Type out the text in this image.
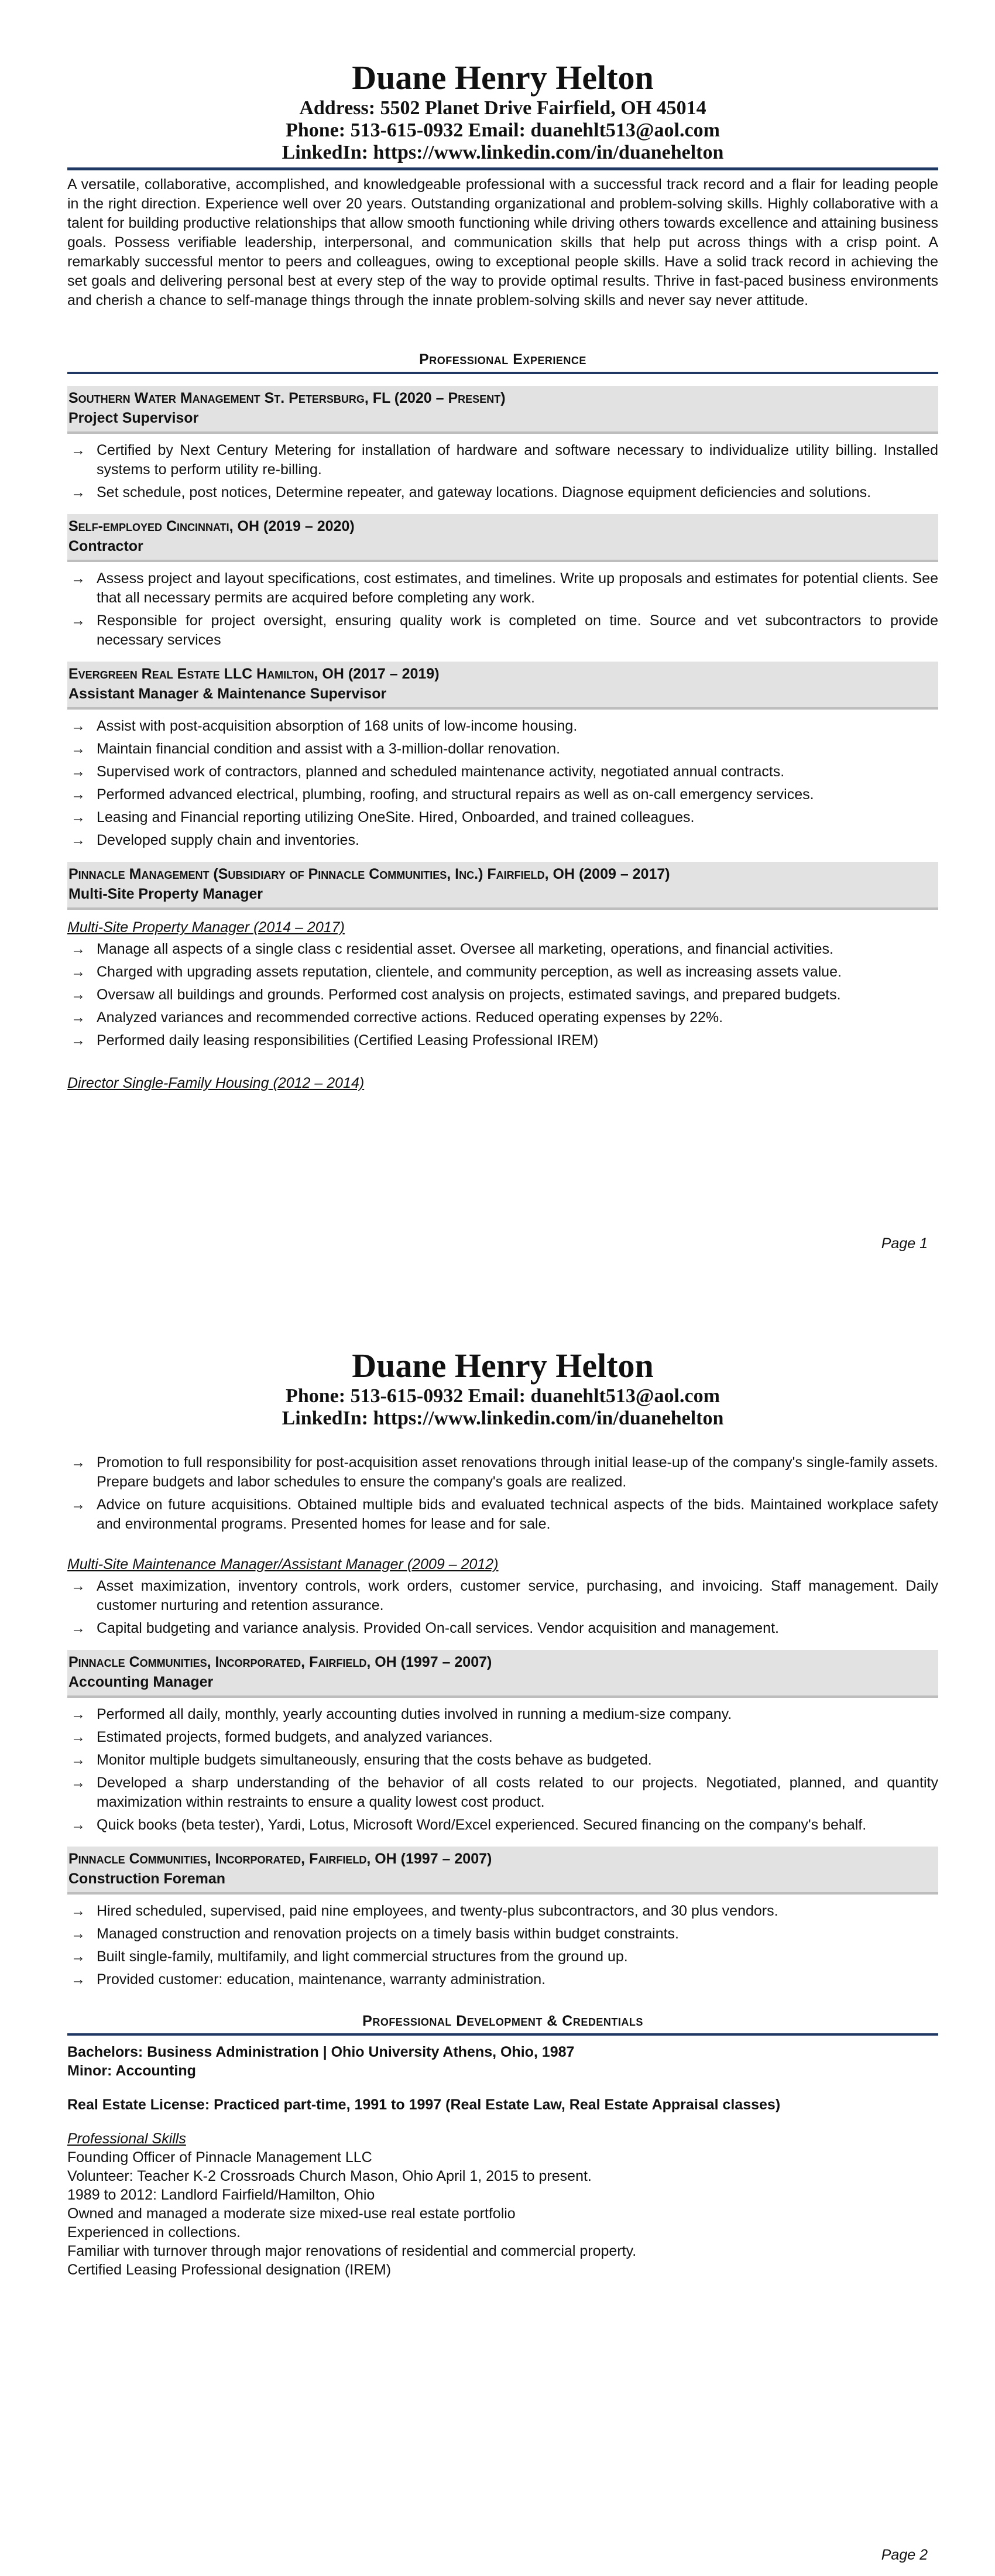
Duane Henry Helton
Address: 5502 Planet Drive Fairfield, OH 45014
Phone: 513-615-0932 Email: duanehlt513@aol.com
LinkedIn: https://www.linkedin.com/in/duanehelton
A versatile, collaborative, accomplished, and knowledgeable professional with a successful track record and a flair for leading people in the right direction. Experience well over 20 years. Outstanding organizational and problem-solving skills. Highly collaborative with a talent for building productive relationships that allow smooth functioning while driving others towards excellence and attaining business goals. Possess verifiable leadership, interpersonal, and communication skills that help put across things with a crisp point. A remarkably successful mentor to peers and colleagues, owing to exceptional people skills. Have a solid track record in achieving the set goals and delivering personal best at every step of the way to provide optimal results. Thrive in fast-paced business environments and cherish a chance to self-manage things through the innate problem-solving skills and never say never attitude.
Professional Experience
Southern Water Management St. Petersburg, FL (2020 – Present)
Project Supervisor
→ Certified by Next Century Metering for installation of hardware and software necessary to individualize utility billing. Installed systems to perform utility re-billing.
→ Set schedule, post notices, Determine repeater, and gateway locations. Diagnose equipment deficiencies and solutions.
Self-employed Cincinnati, OH (2019 – 2020)
Contractor
→ Assess project and layout specifications, cost estimates, and timelines. Write up proposals and estimates for potential clients. See that all necessary permits are acquired before completing any work.
→ Responsible for project oversight, ensuring quality work is completed on time. Source and vet subcontractors to provide necessary services
Evergreen Real Estate LLC Hamilton, OH (2017 – 2019)
Assistant Manager & Maintenance Supervisor
→ Assist with post-acquisition absorption of 168 units of low-income housing.
→ Maintain financial condition and assist with a 3-million-dollar renovation.
→ Supervised work of contractors, planned and scheduled maintenance activity, negotiated annual contracts.
→ Performed advanced electrical, plumbing, roofing, and structural repairs as well as on-call emergency services.
→ Leasing and Financial reporting utilizing OneSite. Hired, Onboarded, and trained colleagues.
→ Developed supply chain and inventories.
Pinnacle Management (Subsidiary of Pinnacle Communities, Inc.) Fairfield, OH (2009 – 2017)
Multi-Site Property Manager
Multi-Site Property Manager (2014 – 2017)
→ Manage all aspects of a single class c residential asset. Oversee all marketing, operations, and financial activities.
→ Charged with upgrading assets reputation, clientele, and community perception, as well as increasing assets value.
→ Oversaw all buildings and grounds. Performed cost analysis on projects, estimated savings, and prepared budgets.
→ Analyzed variances and recommended corrective actions. Reduced operating expenses by 22%.
→ Performed daily leasing responsibilities (Certified Leasing Professional IREM)
Director Single-Family Housing (2012 – 2014)
Page 1
Duane Henry Helton
Phone: 513-615-0932 Email: duanehlt513@aol.com
LinkedIn: https://www.linkedin.com/in/duanehelton
→ Promotion to full responsibility for post-acquisition asset renovations through initial lease-up of the company's single-family assets. Prepare budgets and labor schedules to ensure the company's goals are realized.
→ Advice on future acquisitions. Obtained multiple bids and evaluated technical aspects of the bids. Maintained workplace safety and environmental programs. Presented homes for lease and for sale.
Multi-Site Maintenance Manager/Assistant Manager (2009 – 2012)
→ Asset maximization, inventory controls, work orders, customer service, purchasing, and invoicing. Staff management. Daily customer nurturing and retention assurance.
→ Capital budgeting and variance analysis. Provided On-call services. Vendor acquisition and management.
Pinnacle Communities, Incorporated, Fairfield, OH (1997 – 2007)
Accounting Manager
→ Performed all daily, monthly, yearly accounting duties involved in running a medium-size company.
→ Estimated projects, formed budgets, and analyzed variances.
→ Monitor multiple budgets simultaneously, ensuring that the costs behave as budgeted.
→ Developed a sharp understanding of the behavior of all costs related to our projects. Negotiated, planned, and quantity maximization within restraints to ensure a quality lowest cost product.
→ Quick books (beta tester), Yardi, Lotus, Microsoft Word/Excel experienced. Secured financing on the company's behalf.
Pinnacle Communities, Incorporated, Fairfield, OH (1997 – 2007)
Construction Foreman
→ Hired scheduled, supervised, paid nine employees, and twenty-plus subcontractors, and 30 plus vendors.
→ Managed construction and renovation projects on a timely basis within budget constraints.
→ Built single-family, multifamily, and light commercial structures from the ground up.
→ Provided customer: education, maintenance, warranty administration.
Professional Development & Credentials
Bachelors: Business Administration | Ohio University Athens, Ohio, 1987
Minor: Accounting
Real Estate License: Practiced part-time, 1991 to 1997 (Real Estate Law, Real Estate Appraisal classes)
Professional Skills
Founding Officer of Pinnacle Management LLC
Volunteer: Teacher K-2 Crossroads Church Mason, Ohio April 1, 2015 to present.
1989 to 2012: Landlord Fairfield/Hamilton, Ohio
Owned and managed a moderate size mixed-use real estate portfolio
Experienced in collections.
Familiar with turnover through major renovations of residential and commercial property.
Certified Leasing Professional designation (IREM)
Page 2
